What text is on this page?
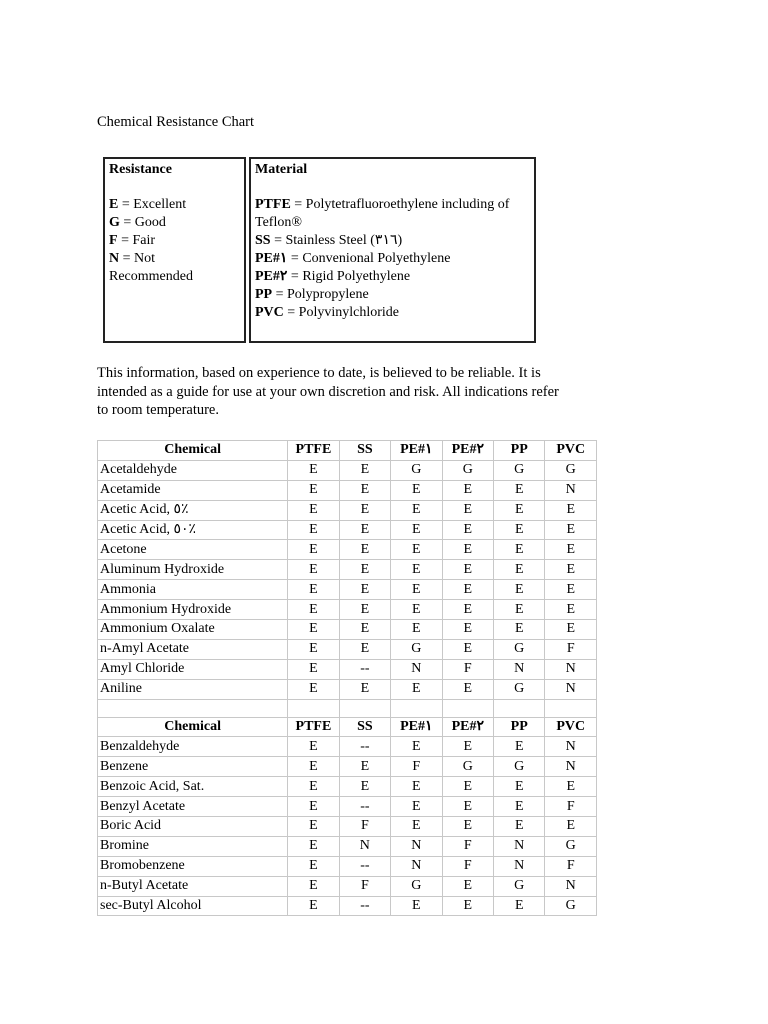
Chemical Resistance Chart
Resistance
E = Excellent
G = Good
F = Fair
N = Not Recommended

Material
PTFE = Polytetrafluoroethylene including of Teflon®
SS = Stainless Steel (٣١٦)
PE#١ = Convenional Polyethylene
PE#٢ = Rigid Polyethylene
PP = Polypropylene
PVC = Polyvinylchloride
This information, based on experience to date, is believed to be reliable. It is intended as a guide for use at your own discretion and risk. All indications refer to room temperature.
Chemical	PTFE	SS	PE#١	PE#٢	PP	PVC
Acetaldehyde	E	E	G	G	G	G
Acetamide	E	E	E	E	E	N
Acetic Acid, ٥٪	E	E	E	E	E	E
Acetic Acid, ٥٠٪	E	E	E	E	E	E
Acetone	E	E	E	E	E	E
Aluminum Hydroxide	E	E	E	E	E	E
Ammonia	E	E	E	E	E	E
Ammonium Hydroxide	E	E	E	E	E	E
Ammonium Oxalate	E	E	E	E	E	E
n-Amyl Acetate	E	E	G	E	G	F
Amyl Chloride	E	--	N	F	N	N
Aniline	E	E	E	E	G	N

Chemical	PTFE	SS	PE#١	PE#٢	PP	PVC
Benzaldehyde	E	--	E	E	E	N
Benzene	E	E	F	G	G	N
Benzoic Acid, Sat.	E	E	E	E	E	E
Benzyl Acetate	E	--	E	E	E	F
Boric Acid	E	F	E	E	E	E
Bromine	E	N	N	F	N	G
Bromobenzene	E	--	N	F	N	F
n-Butyl Acetate	E	F	G	E	G	N
sec-Butyl Alcohol	E	--	E	E	E	G
